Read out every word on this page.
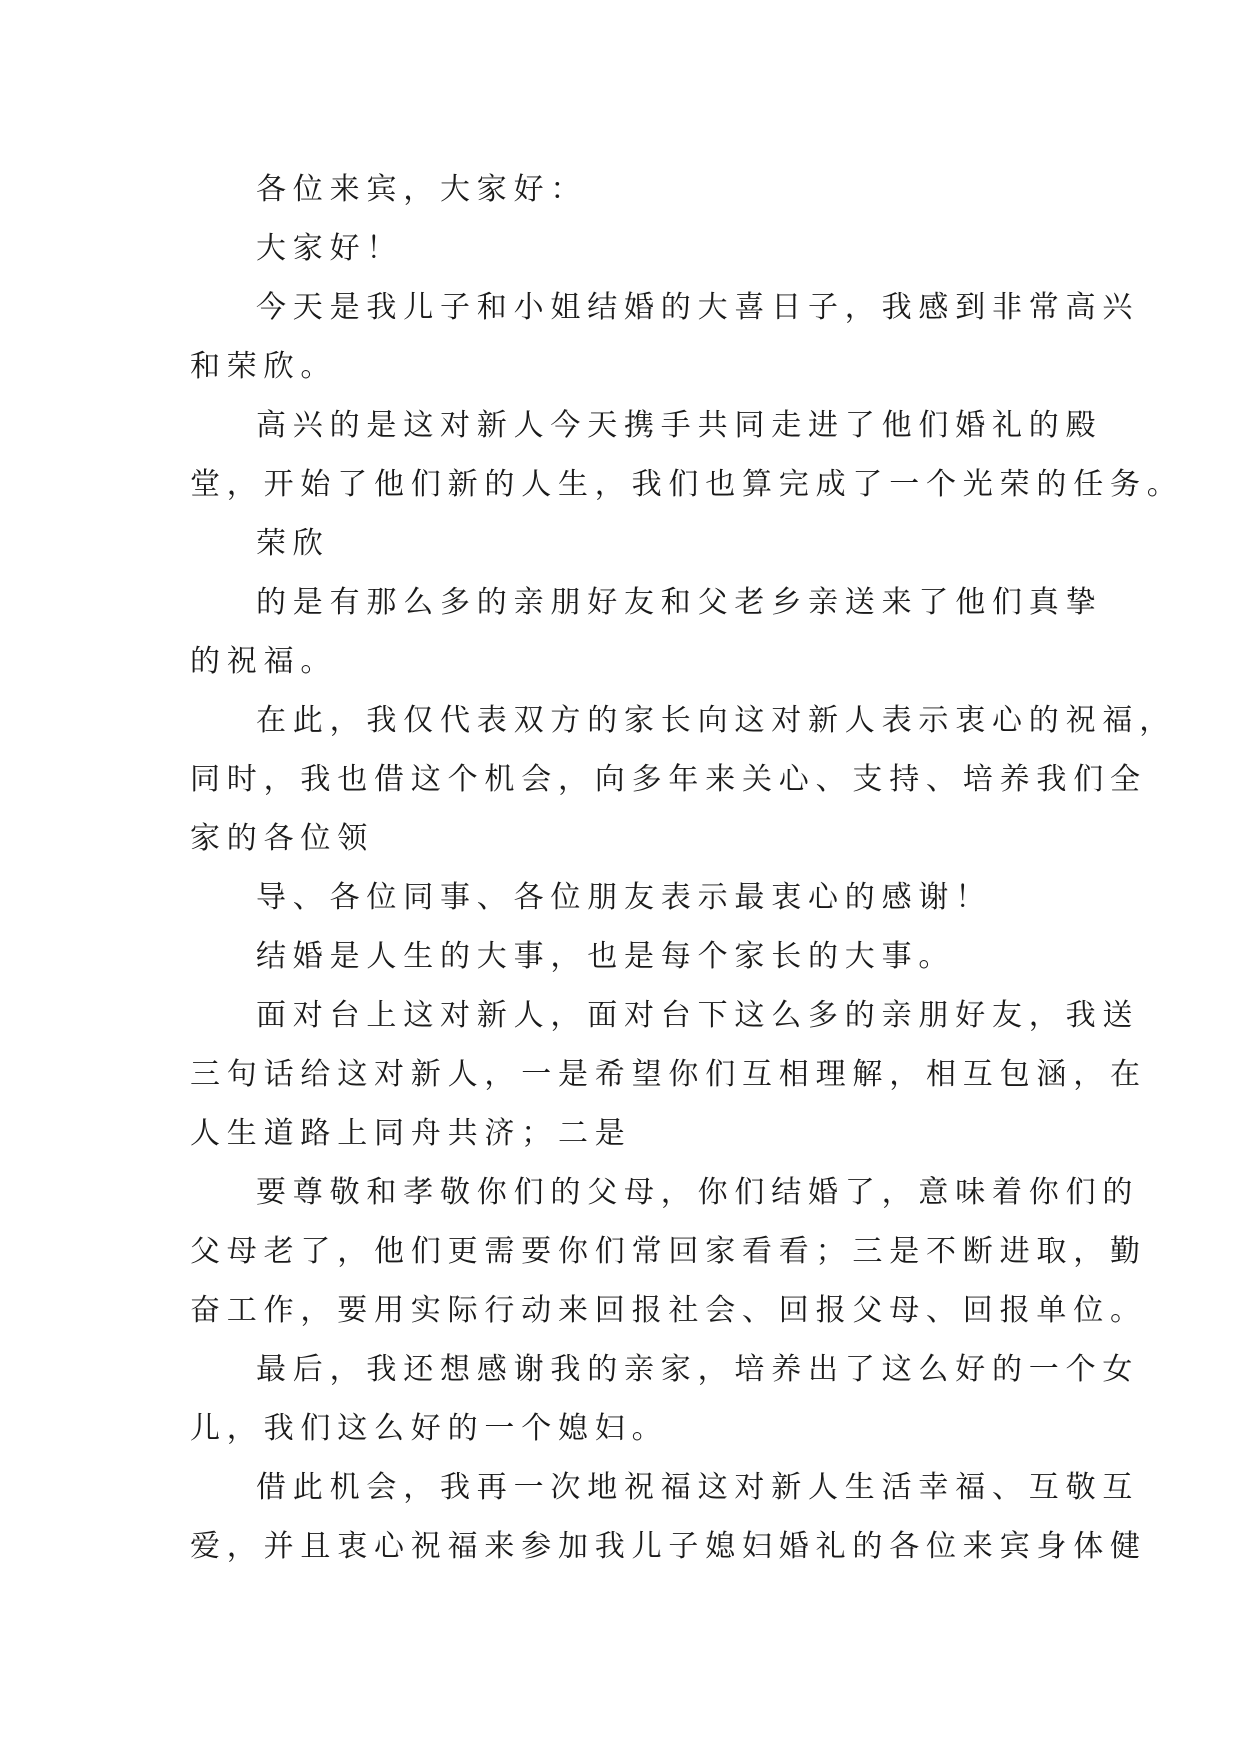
各位来宾，大家好：
大家好！
今天是我儿子和小姐结婚的大喜日子，我感到非常高兴
和荣欣。
高兴的是这对新人今天携手共同走进了他们婚礼的殿
堂，开始了他们新的人生，我们也算完成了一个光荣的任务。
荣欣
的是有那么多的亲朋好友和父老乡亲送来了他们真挚
的祝福。
在此，我仅代表双方的家长向这对新人表示衷心的祝福，
同时，我也借这个机会，向多年来关心、支持、培养我们全
家的各位领
导、各位同事、各位朋友表示最衷心的感谢！
结婚是人生的大事，也是每个家长的大事。
面对台上这对新人，面对台下这么多的亲朋好友，我送
三句话给这对新人，一是希望你们互相理解，相互包涵，在
人生道路上同舟共济；二是
要尊敬和孝敬你们的父母，你们结婚了，意味着你们的
父母老了，他们更需要你们常回家看看；三是不断进取，勤
奋工作，要用实际行动来回报社会、回报父母、回报单位。
最后，我还想感谢我的亲家，培养出了这么好的一个女
儿，我们这么好的一个媳妇。
借此机会，我再一次地祝福这对新人生活幸福、互敬互
爱，并且衷心祝福来参加我儿子媳妇婚礼的各位来宾身体健
